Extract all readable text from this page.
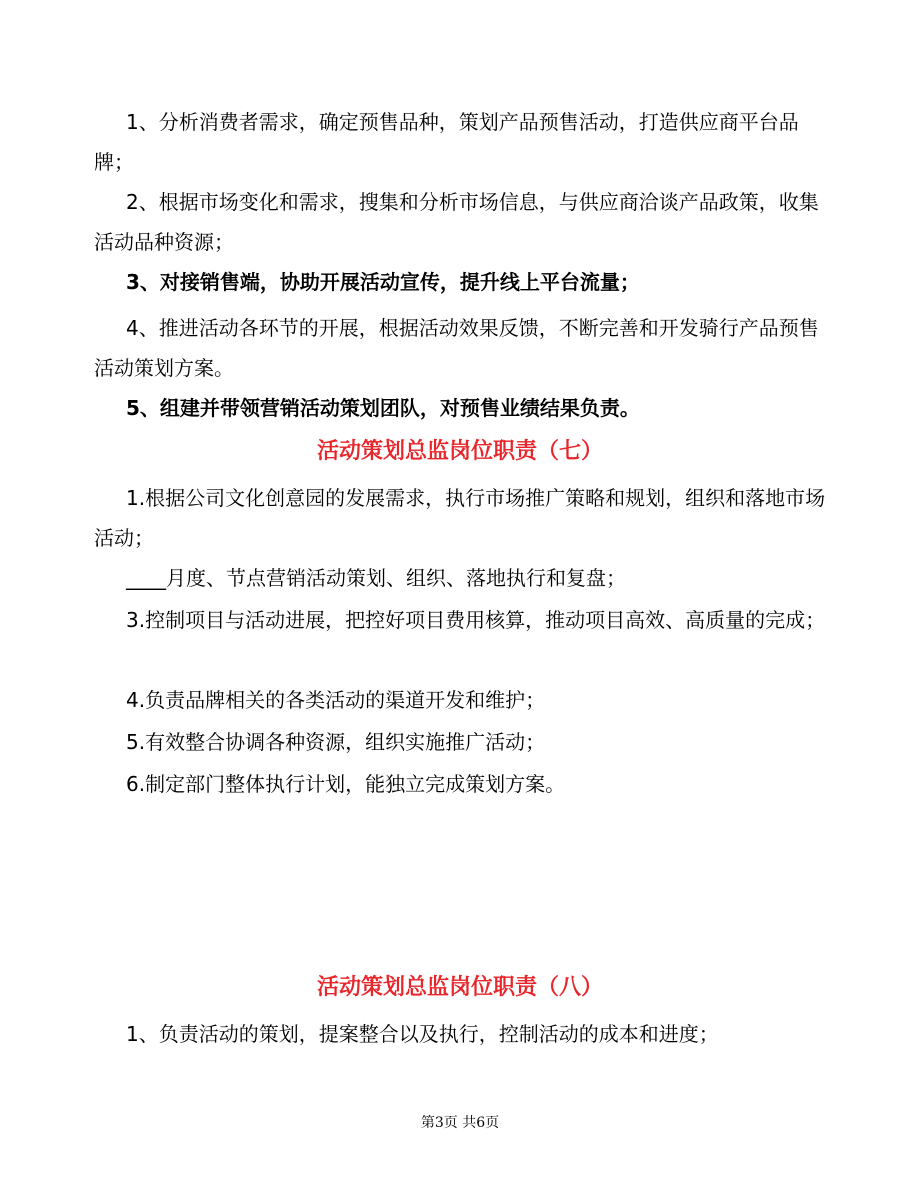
1、分析消费者需求，确定预售品种，策划产品预售活动，打造供应商平台品牌；

2、根据市场变化和需求，搜集和分析市场信息，与供应商洽谈产品政策，收集活动品种资源；

3、对接销售端，协助开展活动宣传，提升线上平台流量；

4、推进活动各环节的开展，根据活动效果反馈，不断完善和开发骑行产品预售活动策划方案。

5、组建并带领营销活动策划团队，对预售业绩结果负责。

活动策划总监岗位职责（七）

1.根据公司文化创意园的发展需求，执行市场推广策略和规划，组织和落地市场活动；

____月度、节点营销活动策划、组织、落地执行和复盘；

3.控制项目与活动进展，把控好项目费用核算，推动项目高效、高质量的完成；

4.负责品牌相关的各类活动的渠道开发和维护；

5.有效整合协调各种资源，组织实施推广活动；

6.制定部门整体执行计划，能独立完成策划方案。

活动策划总监岗位职责（八）

1、负责活动的策划，提案整合以及执行，控制活动的成本和进度；

第3页 共6页
